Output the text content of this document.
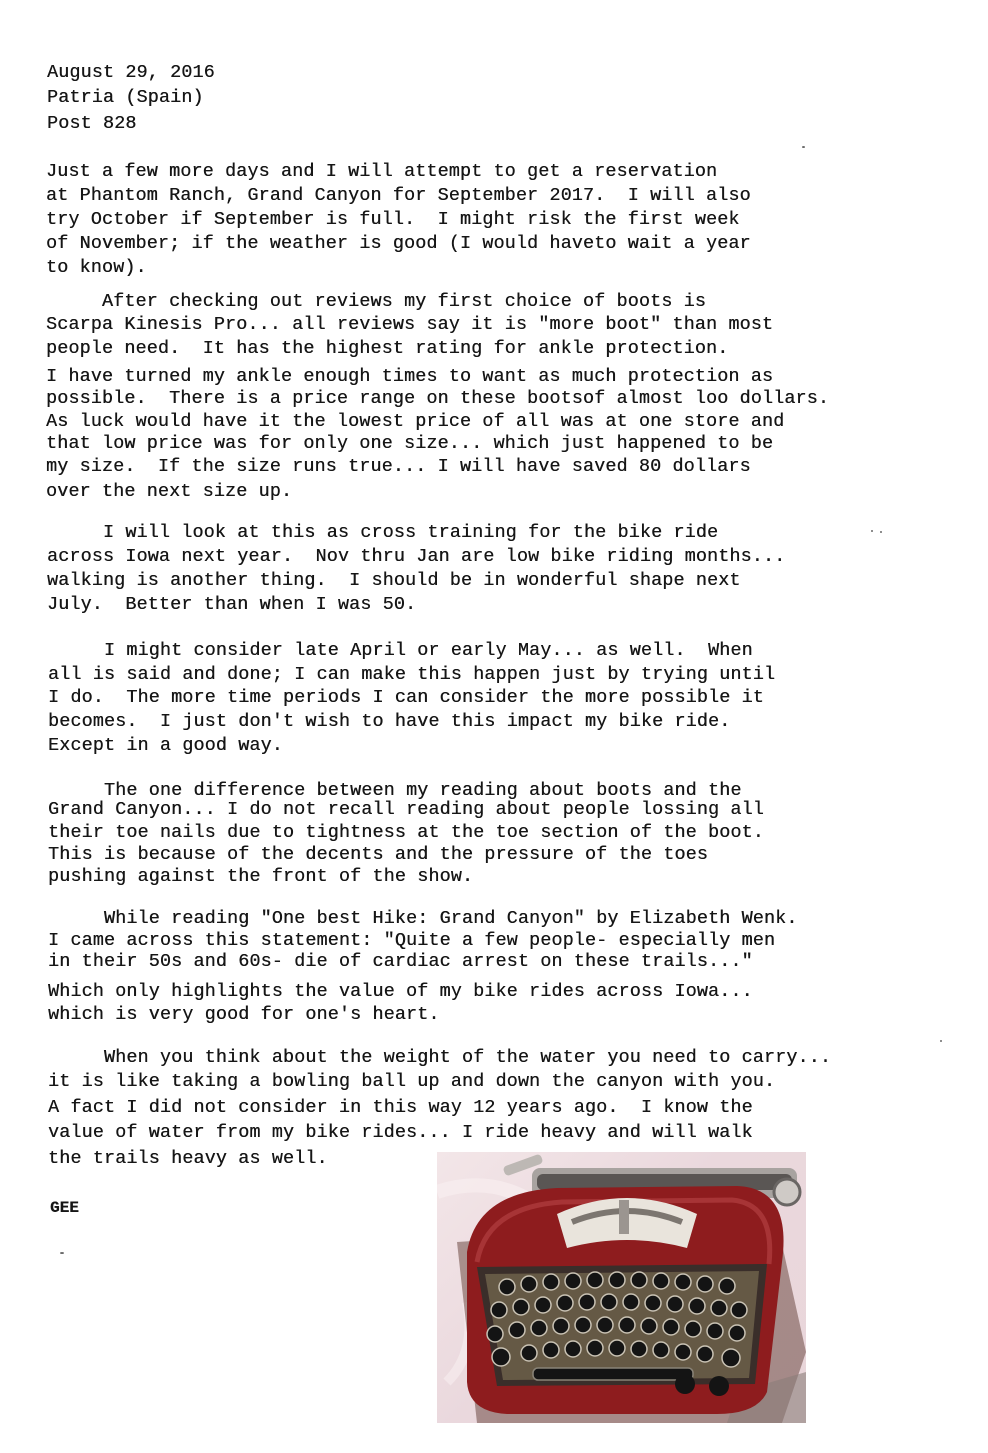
August 29, 2016
Patria (Spain)
Post 828
Just a few more days and I will attempt to get a reservation
at Phantom Ranch, Grand Canyon for September 2017.  I will also
try October if September is full.  I might risk the first week
of November; if the weather is good (I would haveto wait a year
to know).
After checking out reviews my first choice of boots is
Scarpa Kinesis Pro... all reviews say it is "more boot" than most
people need.  It has the highest rating for ankle protection.
I have turned my ankle enough times to want as much protection as
possible.  There is a price range on these bootsof almost loo dollars.
As luck would have it the lowest price of all was at one store and
that low price was for only one size... which just happened to be
my size.  If the size runs true... I will have saved 80 dollars
over the next size up.
I will look at this as cross training for the bike ride
across Iowa next year.  Nov thru Jan are low bike riding months...
walking is another thing.  I should be in wonderful shape next
July.  Better than when I was 50.
I might consider late April or early May... as well.  When
all is said and done; I can make this happen just by trying until
I do.  The more time periods I can consider the more possible it
becomes.  I just don't wish to have this impact my bike ride.
Except in a good way.
The one difference between my reading about boots and the
Grand Canyon... I do not recall reading about people lossing all
their toe nails due to tightness at the toe section of the boot.
This is because of the decents and the pressure of the toes
pushing against the front of the show.
While reading "One best Hike: Grand Canyon" by Elizabeth Wenk.
I came across this statement: "Quite a few people- especially men
in their 50s and 60s- die of cardiac arrest on these trails..."
Which only highlights the value of my bike rides across Iowa...
which is very good for one's heart.
When you think about the weight of the water you need to carry...
it is like taking a bowling ball up and down the canyon with you.
A fact I did not consider in this way 12 years ago.  I know the
value of water from my bike rides... I ride heavy and will walk
the trails heavy as well.
GEE
